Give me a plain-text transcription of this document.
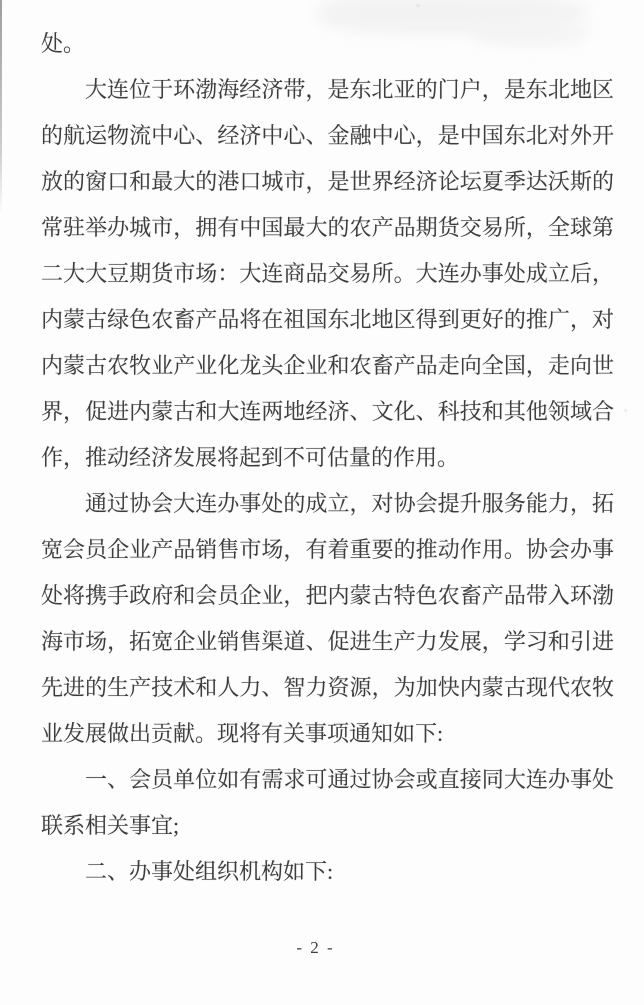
处。

大连位于环渤海经济带，是东北亚的门户，是东北地区的航运物流中心、经济中心、金融中心，是中国东北对外开放的窗口和最大的港口城市，是世界经济论坛夏季达沃斯的常驻举办城市，拥有中国最大的农产品期货交易所，全球第二大大豆期货市场：大连商品交易所。大连办事处成立后，内蒙古绿色农畜产品将在祖国东北地区得到更好的推广，对内蒙古农牧业产业化龙头企业和农畜产品走向全国，走向世界，促进内蒙古和大连两地经济、文化、科技和其他领域合作，推动经济发展将起到不可估量的作用。

通过协会大连办事处的成立，对协会提升服务能力，拓宽会员企业产品销售市场，有着重要的推动作用。协会办事处将携手政府和会员企业，把内蒙古特色农畜产品带入环渤海市场，拓宽企业销售渠道、促进生产力发展，学习和引进先进的生产技术和人力、智力资源，为加快内蒙古现代农牧业发展做出贡献。现将有关事项通知如下:

一、会员单位如有需求可通过协会或直接同大连办事处联系相关事宜;

二、办事处组织机构如下:

- 2 -
